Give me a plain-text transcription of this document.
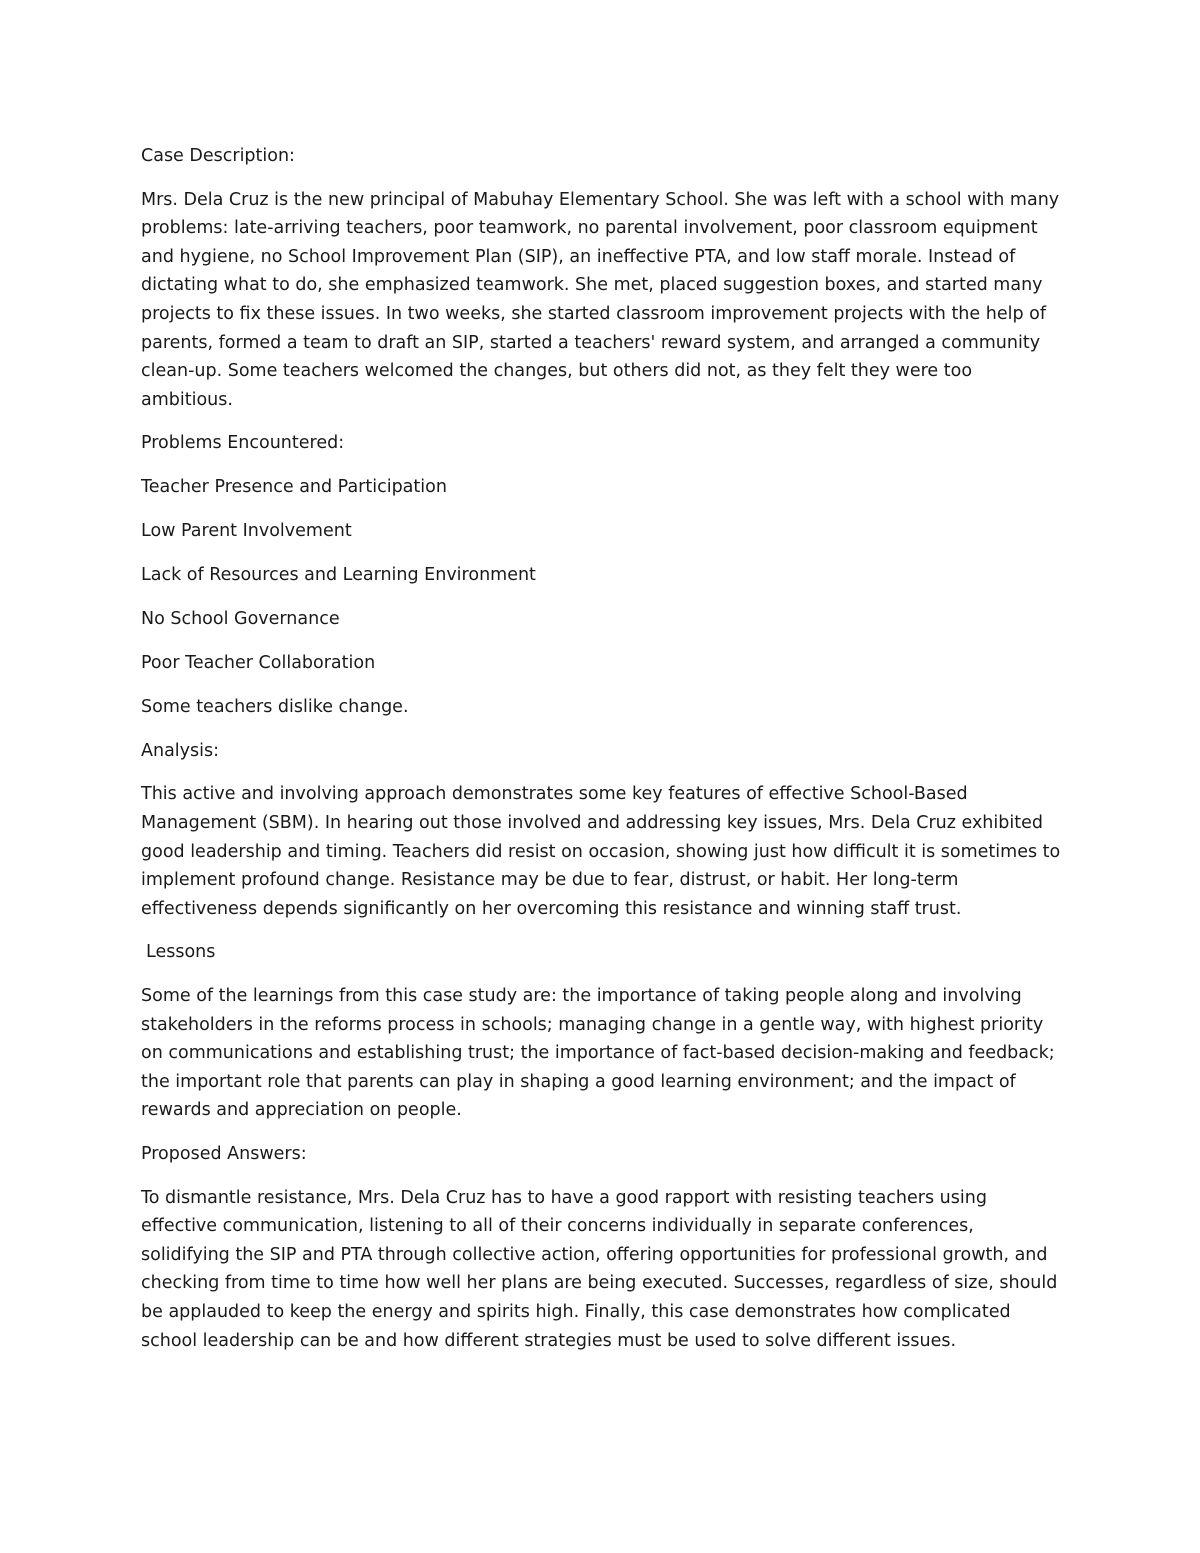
Case Description:

Mrs. Dela Cruz is the new principal of Mabuhay Elementary School. She was left with a school with many problems: late-arriving teachers, poor teamwork, no parental involvement, poor classroom equipment and hygiene, no School Improvement Plan (SIP), an ineffective PTA, and low staff morale. Instead of dictating what to do, she emphasized teamwork. She met, placed suggestion boxes, and started many projects to fix these issues. In two weeks, she started classroom improvement projects with the help of parents, formed a team to draft an SIP, started a teachers' reward system, and arranged a community clean-up. Some teachers welcomed the changes, but others did not, as they felt they were too ambitious.

Problems Encountered:

Teacher Presence and Participation

Low Parent Involvement

Lack of Resources and Learning Environment

No School Governance

Poor Teacher Collaboration

Some teachers dislike change.

Analysis:

This active and involving approach demonstrates some key features of effective School-Based Management (SBM). In hearing out those involved and addressing key issues, Mrs. Dela Cruz exhibited good leadership and timing. Teachers did resist on occasion, showing just how difficult it is sometimes to implement profound change. Resistance may be due to fear, distrust, or habit. Her long-term effectiveness depends significantly on her overcoming this resistance and winning staff trust.

Lessons

Some of the learnings from this case study are: the importance of taking people along and involving stakeholders in the reforms process in schools; managing change in a gentle way, with highest priority on communications and establishing trust; the importance of fact-based decision-making and feedback; the important role that parents can play in shaping a good learning environment; and the impact of rewards and appreciation on people.

Proposed Answers:

To dismantle resistance, Mrs. Dela Cruz has to have a good rapport with resisting teachers using effective communication, listening to all of their concerns individually in separate conferences, solidifying the SIP and PTA through collective action, offering opportunities for professional growth, and checking from time to time how well her plans are being executed. Successes, regardless of size, should be applauded to keep the energy and spirits high. Finally, this case demonstrates how complicated school leadership can be and how different strategies must be used to solve different issues.
